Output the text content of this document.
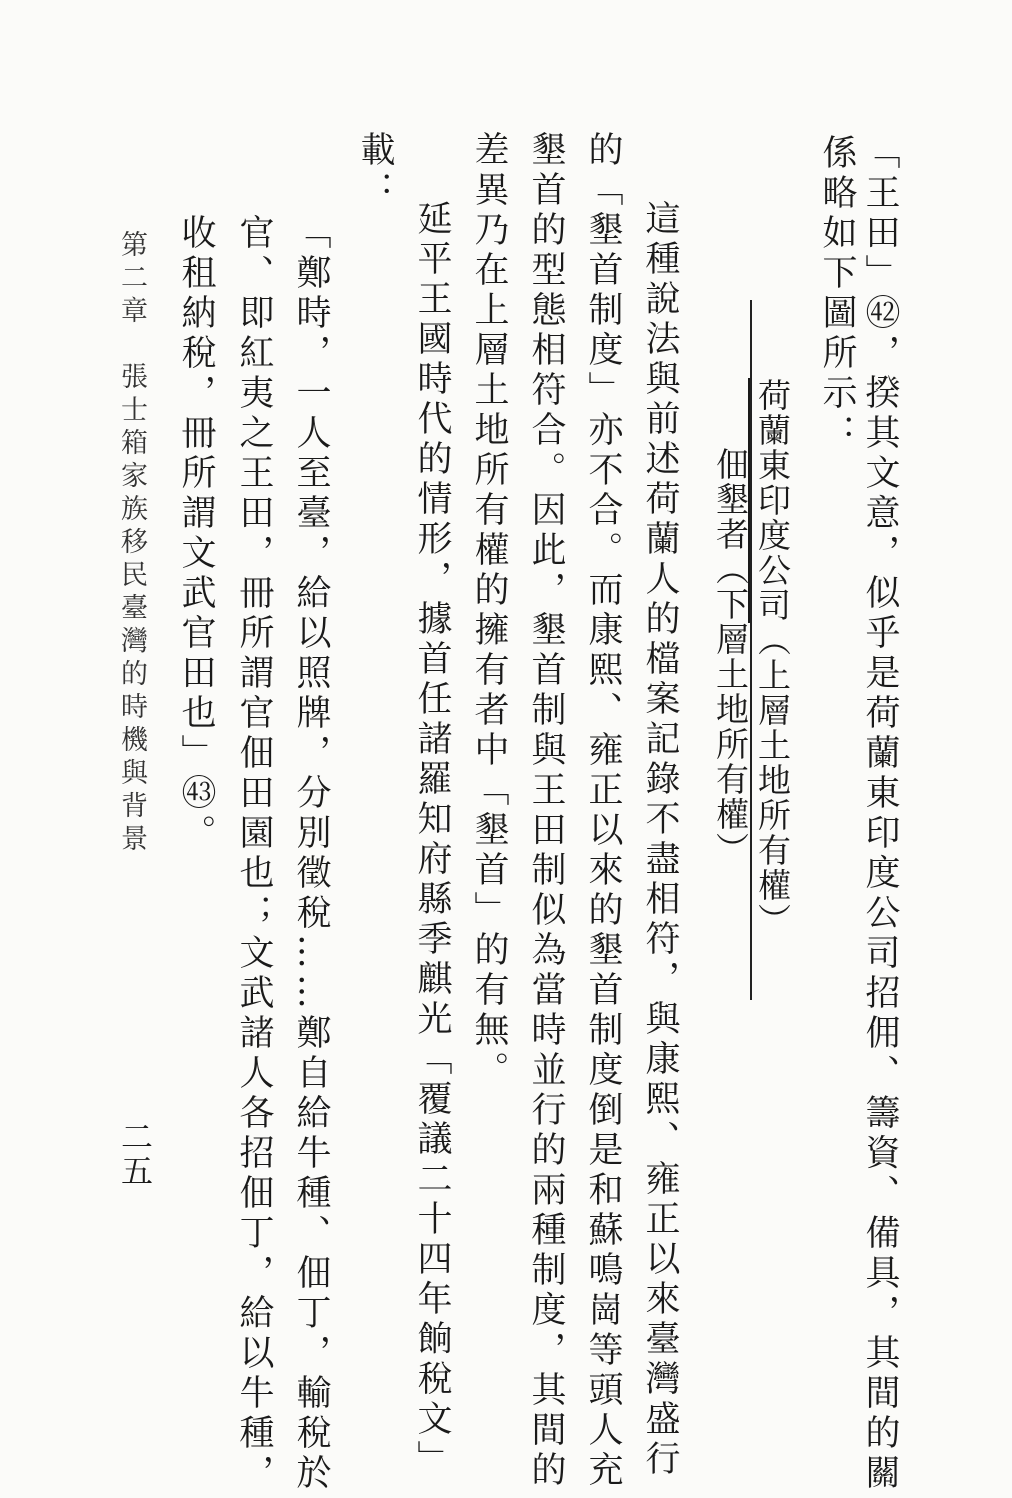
「王田」㊷，揆其文意，似乎是荷蘭東印度公司招佣、籌資、備具，其間的關
係略如下圖所示：
荷蘭東印度公司（上層土地所有權）
佃墾者（下層土地所有權）
這種說法與前述荷蘭人的檔案記錄不盡相符，與康熙、雍正以來臺灣盛行
的「墾首制度」亦不合。而康熙、雍正以來的墾首制度倒是和蘇鳴崗等頭人充
墾首的型態相符合。因此，墾首制與王田制似為當時並行的兩種制度，其間的
差異乃在上層土地所有權的擁有者中「墾首」的有無。
延平王國時代的情形，據首任諸羅知府縣季麒光「覆議二十四年餉稅文」
載：
「鄭時，一人至臺，給以照牌，分別徵稅……鄭自給牛種、佃丁，輸稅於
官、即紅夷之王田，冊所謂官佃田園也；文武諸人各招佃丁，給以牛種，
收租納稅，冊所謂文武官田也」㊸。
第二章
張士箱家族移民臺灣的時機與背景
二五
